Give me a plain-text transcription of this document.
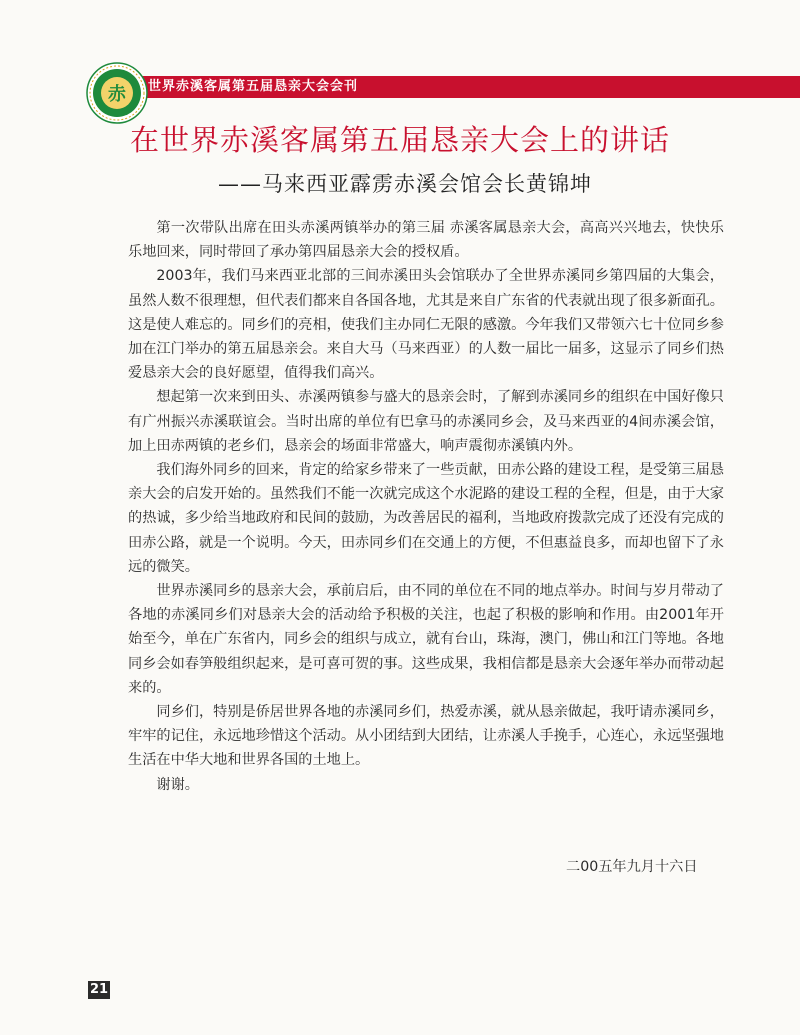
赤 世界赤溪客属第五届恳亲大会会刊
在世界赤溪客属第五届恳亲大会上的讲话
——马来西亚霹雳赤溪会馆会长黄锦坤

第一次带队出席在田头赤溪两镇举办的第三届 赤溪客属恳亲大会，高高兴兴地去，快快乐乐地回来，同时带回了承办第四届恳亲大会的授权盾。

2003年，我们马来西亚北部的三间赤溪田头会馆联办了全世界赤溪同乡第四届的大集会，虽然人数不很理想，但代表们都来自各国各地，尤其是来自广东省的代表就出现了很多新面孔。这是使人难忘的。同乡们的亮相，使我们主办同仁无限的感激。今年我们又带领六七十位同乡参加在江门举办的第五届恳亲会。来自大马（马来西亚）的人数一届比一届多，这显示了同乡们热爱恳亲大会的良好愿望，值得我们高兴。

想起第一次来到田头、赤溪两镇参与盛大的恳亲会时，了解到赤溪同乡的组织在中国好像只有广州振兴赤溪联谊会。当时出席的单位有巴拿马的赤溪同乡会，及马来西亚的4间赤溪会馆，加上田赤两镇的老乡们，恳亲会的场面非常盛大，响声震彻赤溪镇内外。

我们海外同乡的回来，肯定的给家乡带来了一些贡献，田赤公路的建设工程，是受第三届恳亲大会的启发开始的。虽然我们不能一次就完成这个水泥路的建设工程的全程，但是，由于大家的热诚，多少给当地政府和民间的鼓励，为改善居民的福利，当地政府拨款完成了还没有完成的田赤公路，就是一个说明。今天，田赤同乡们在交通上的方便，不但惠益良多，而却也留下了永远的微笑。

世界赤溪同乡的恳亲大会，承前启后，由不同的单位在不同的地点举办。时间与岁月带动了各地的赤溪同乡们对恳亲大会的活动给予积极的关注，也起了积极的影响和作用。由2001年开始至今，单在广东省内，同乡会的组织与成立，就有台山，珠海，澳门，佛山和江门等地。各地同乡会如春笋般组织起来，是可喜可贺的事。这些成果，我相信都是恳亲大会逐年举办而带动起来的。

同乡们，特别是侨居世界各地的赤溪同乡们，热爱赤溪，就从恳亲做起，我吁请赤溪同乡，牢牢的记住，永远地珍惜这个活动。从小团结到大团结，让赤溪人手挽手，心连心，永远坚强地 生活在中华大地和世界各国的土地上。

谢谢。

二00五年九月十六日
21
